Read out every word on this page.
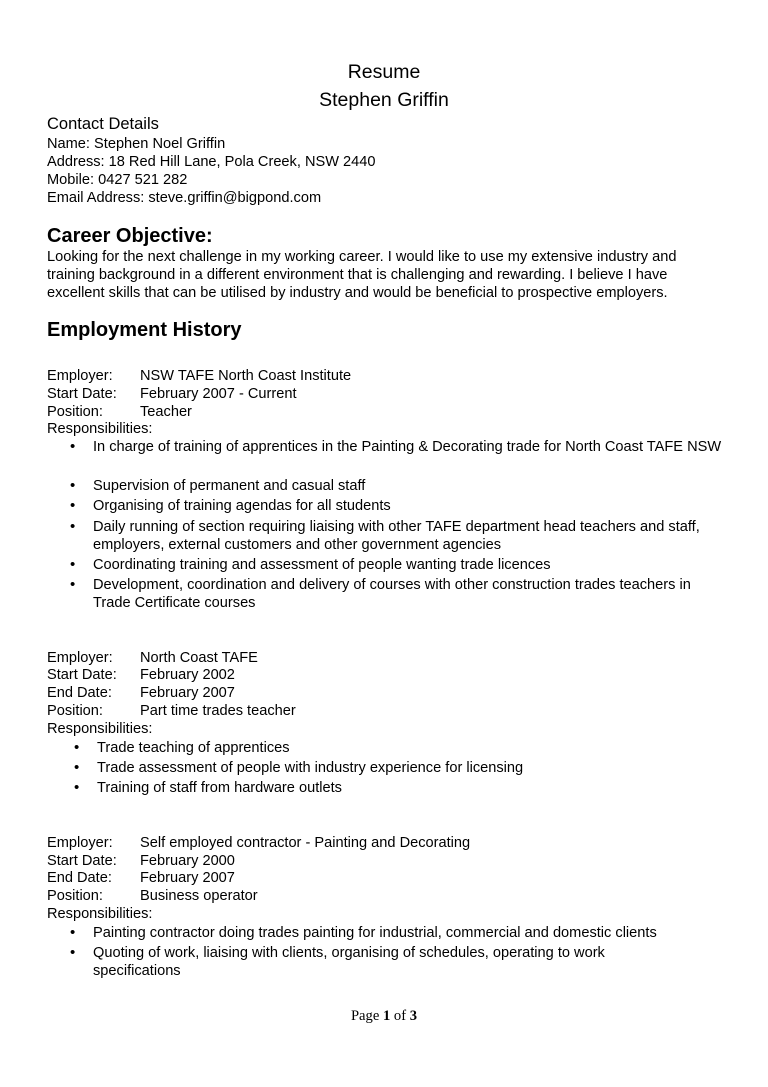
Resume
Stephen Griffin
Contact Details
Name: Stephen Noel Griffin
Address: 18 Red Hill Lane, Pola Creek, NSW 2440
Mobile: 0427 521 282
Email Address: steve.griffin@bigpond.com
Career Objective:
Looking for the next challenge in my working career. I would like to use my extensive industry and
training background in a different environment that is challenging and rewarding. I believe I have
excellent skills that can be utilised by industry and would be beneficial to prospective employers.
Employment History
Employer: NSW TAFE North Coast Institute
Start Date: February 2007 - Current
Position:	Teacher
Responsibilities:
• In charge of training of apprentices in the Painting & Decorating trade for North Coast TAFE NSW
• Supervision of permanent and casual staff
• Organising of training agendas for all students
• Daily running of section requiring liaising with other TAFE department head teachers and staff, employers, external customers and other government agencies
• Coordinating training and assessment of people wanting trade licences
• Development, coordination and delivery of courses with other construction trades teachers in Trade Certificate courses
Employer: North Coast TAFE
Start Date: February 2002
End Date: February 2007
Position:	Part time trades teacher
Responsibilities:
• Trade teaching of apprentices
• Trade assessment of people with industry experience for licensing
• Training of staff from hardware outlets
Employer: Self employed contractor - Painting and Decorating
Start Date: February 2000
End Date: February 2007
Position:	Business operator
Responsibilities:
• Painting contractor doing trades painting for industrial, commercial and domestic clients
• Quoting of work, liaising with clients, organising of schedules, operating to work specifications
Page 1 of 3
